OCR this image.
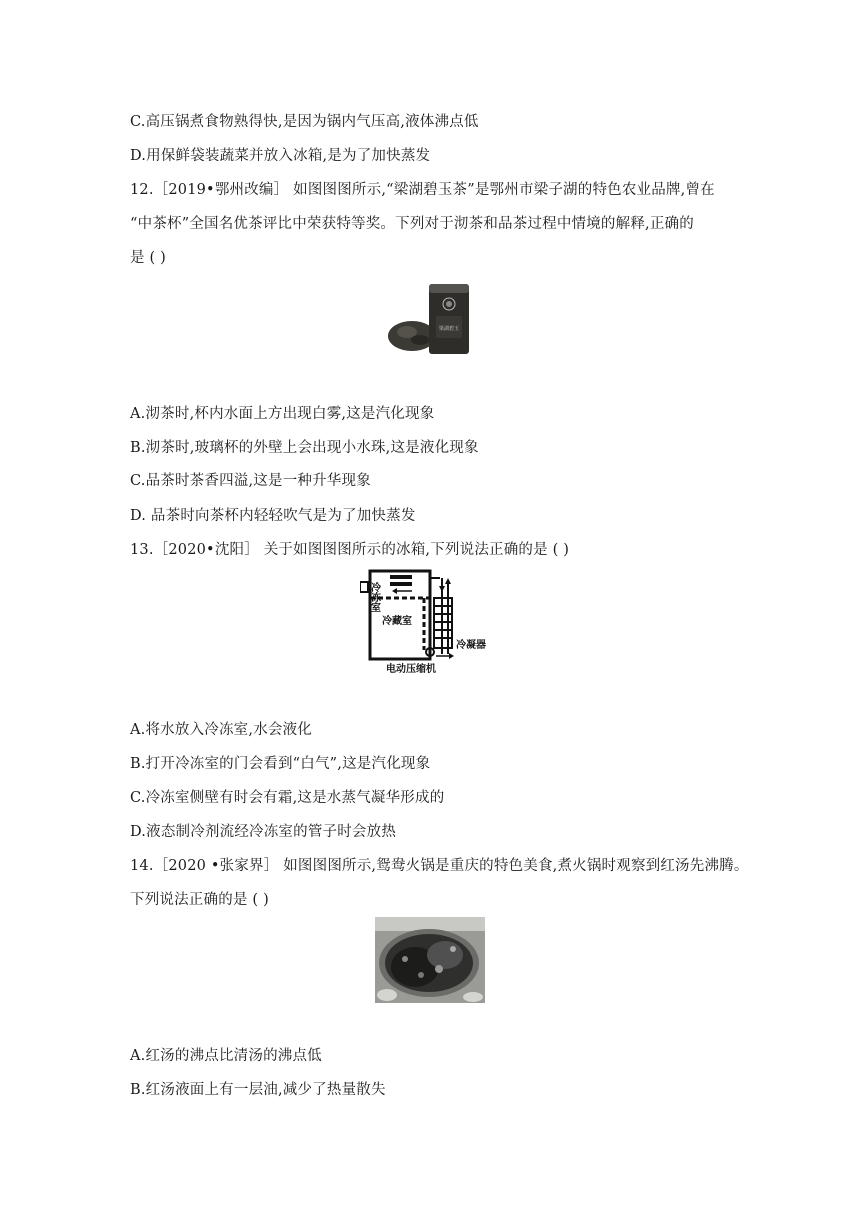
C.高压锅煮食物熟得快,是因为锅内气压高,液体沸点低
D.用保鲜袋装蔬菜并放入冰箱,是为了加快蒸发
12.［2019•鄂州改编］ 如图图图所示,“梁湖碧玉茶”是鄂州市梁子湖的特色农业品牌,曾在
“中茶杯”全国名优茶评比中荣获特等奖。下列对于沏茶和品茶过程中情境的解释,正确的
是 ( )
梁湖碧玉
A.沏茶时,杯内水面上方出现白雾,这是汽化现象
B.沏茶时,玻璃杯的外壁上会出现小水珠,这是液化现象
C.品茶时茶香四溢,这是一种升华现象
D. 品茶时向茶杯内轻轻吹气是为了加快蒸发
13.［2020•沈阳］ 关于如图图图所示的冰箱,下列说法正确的是 ( )
冷冻室
冷藏室
冷凝器
电动压缩机
A.将水放入冷冻室,水会液化
B.打开冷冻室的门会看到“白气”,这是汽化现象
C.冷冻室侧壁有时会有霜,这是水蒸气凝华形成的
D.液态制冷剂流经冷冻室的管子时会放热
14.［2020 •张家界］ 如图图图所示,鸳鸯火锅是重庆的特色美食,煮火锅时观察到红汤先沸腾。
下列说法正确的是 ( )
A.红汤的沸点比清汤的沸点低
B.红汤液面上有一层油,减少了热量散失
